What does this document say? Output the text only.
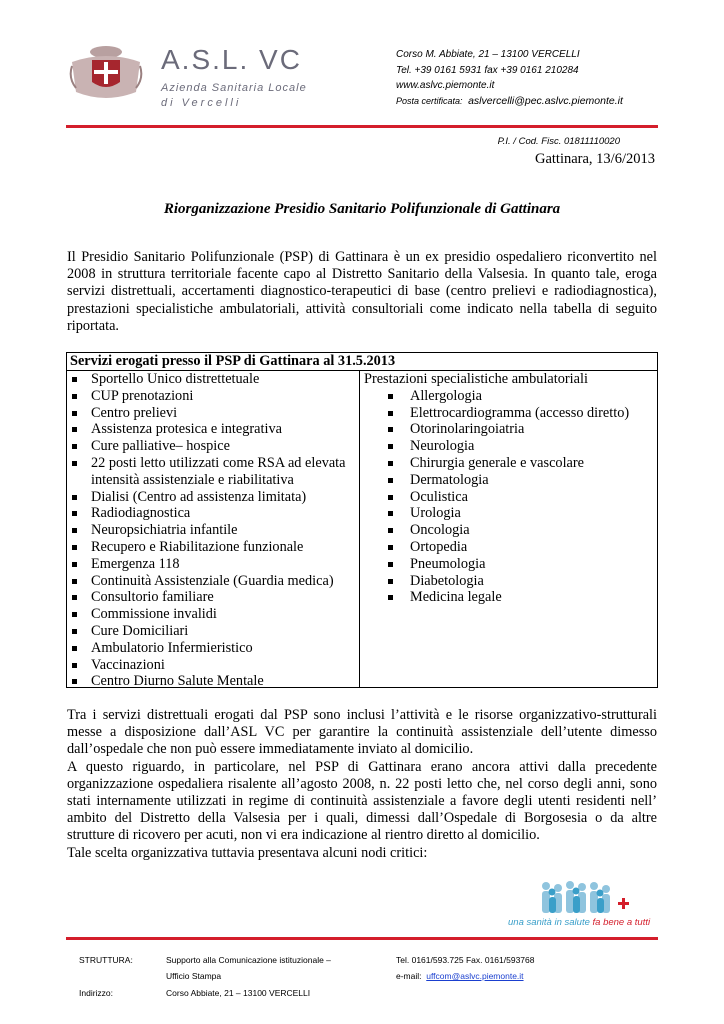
A.S.L. VC
Azienda Sanitaria Locale
di Vercelli
Corso M. Abbiate, 21 – 13100 VERCELLI
Tel. +39 0161 5931 fax +39 0161 210284
www.aslvc.piemonte.it
Posta certificata: aslvercelli@pec.aslvc.piemonte.it
P.I. / Cod. Fisc. 01811110020
Gattinara, 13/6/2013
Riorganizzazione Presidio Sanitario Polifunzionale di Gattinara
Il Presidio Sanitario Polifunzionale (PSP) di Gattinara è un ex presidio ospedaliero riconvertito nel
2008 in struttura territoriale facente capo al Distretto Sanitario della Valsesia. In quanto tale, eroga
servizi distrettuali, accertamenti diagnostico-terapeutici di base (centro prelievi e radiodiagnostica),
prestazioni specialistiche ambulatoriali, attività consultoriali come indicato nella tabella di seguito
riportata.
Servizi erogati presso il PSP di Gattinara al 31.5.2013
Sportello Unico distrettetuale
CUP prenotazioni
Centro prelievi
Assistenza protesica e integrativa
Cure palliative– hospice
22 posti letto utilizzati come RSA ad elevata intensità assistenziale e riabilitativa
Dialisi (Centro ad assistenza limitata)
Radiodiagnostica
Neuropsichiatria infantile
Recupero e Riabilitazione funzionale
Emergenza 118
Continuità Assistenziale (Guardia medica)
Consultorio familiare
Commissione invalidi
Cure Domiciliari
Ambulatorio Infermieristico
Vaccinazioni
Centro Diurno Salute Mentale
Prestazioni specialistiche ambulatoriali
Allergologia
Elettrocardiogramma (accesso diretto)
Otorinolaringoiatria
Neurologia
Chirurgia generale e vascolare
Dermatologia
Oculistica
Urologia
Oncologia
Ortopedia
Pneumologia
Diabetologia
Medicina legale
Tra i servizi distrettuali erogati dal PSP sono inclusi l’attività e le risorse organizzativo-strutturali
messe a disposizione dall’ASL VC per garantire la continuità assistenziale dell’utente dimesso
dall’ospedale che non può essere immediatamente inviato al domicilio.
A questo riguardo, in particolare, nel PSP di Gattinara erano ancora attivi dalla precedente
organizzazione ospedaliera risalente all’agosto 2008, n. 22 posti letto che, nel corso degli anni, sono
stati internamente utilizzati in regime di continuità assistenziale a favore degli utenti residenti nell’
ambito del Distretto della Valsesia per i quali, dimessi dall’Ospedale di Borgosesia o da altre
strutture di ricovero per acuti, non vi era indicazione al rientro diretto al domicilio.
Tale scelta organizzativa tuttavia presentava alcuni nodi critici:
una sanità in salute fa bene a tutti
STRUTTURA:	Supporto alla Comunicazione istituzionale –
Ufficio Stampa
Indirizzo:	Corso Abbiate, 21 – 13100 VERCELLI
Tel. 0161/593.725 Fax. 0161/593768
e-mail: uffcom@aslvc.piemonte.it
